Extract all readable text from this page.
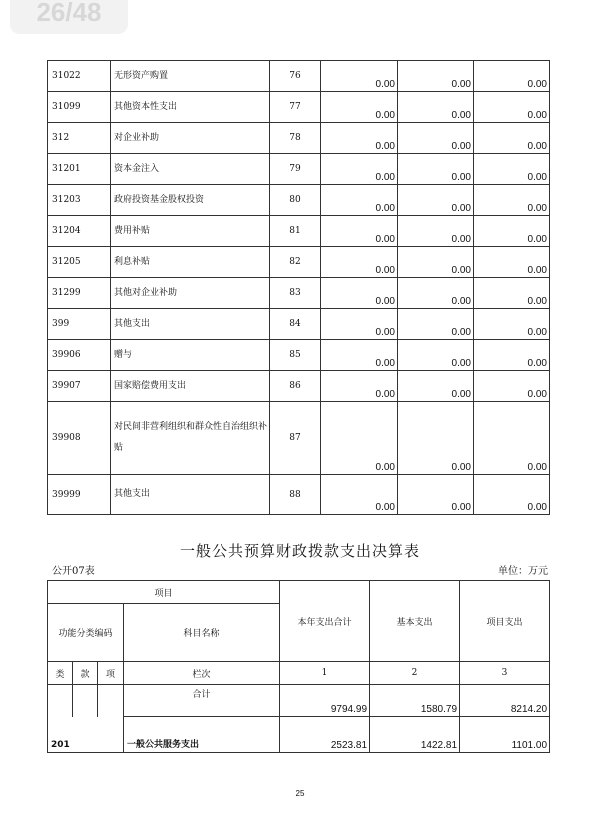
26/48
31022	无形资产购置	76	0.00	0.00	0.00
31099	其他资本性支出	77	0.00	0.00	0.00
312	对企业补助	78	0.00	0.00	0.00
31201	资本金注入	79	0.00	0.00	0.00
31203	政府投资基金股权投资	80	0.00	0.00	0.00
31204	费用补贴	81	0.00	0.00	0.00
31205	利息补贴	82	0.00	0.00	0.00
31299	其他对企业补助	83	0.00	0.00	0.00
399	其他支出	84	0.00	0.00	0.00
39906	赠与	85	0.00	0.00	0.00
39907	国家赔偿费用支出	86	0.00	0.00	0.00
39908	对民间非营利组织和群众性自治组织补贴	87	0.00	0.00	0.00
39999	其他支出	88	0.00	0.00	0.00
一般公共预算财政拨款支出决算表
公开07表	单位：万元
项目				本年支出合计	基本支出	项目支出
功能分类编码			科目名称			

类	款	项	栏次	1	2	3
			合计	9794.99	1580.79	8214.20
201			一般公共服务支出	2523.81	1422.81	1101.00
25
